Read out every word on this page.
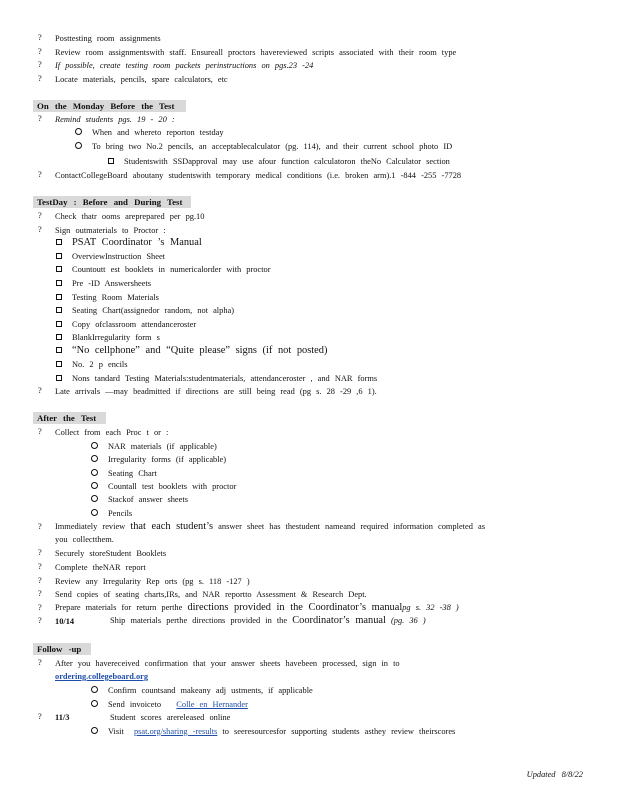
?	Posttesting room assignments
?	Review room assignmentswith staff. Ensureall proctors havereviewed scripts associated with their room type
?	If possible, create testing room packets perinstructions on pgs.23 -24
?	Locate materials, pencils, spare calculators, etc
On the Monday Before the Test
?	Remind students pgs. 19 - 20 :
When and whereto reporton testday
To bring two No.2 pencils, an acceptablecalculator (pg. 114), and their current school photo ID
Studentswith SSDapproval may use afour function calculatoron theNo Calculator section
?	ContactCollegeBoard aboutany studentswith temporary medical conditions (i.e. broken arm).1 -844 -255 -7728
TestDay : Before and During Test
?	Check thatr ooms areprepared per pg.10
?	Sign outmaterials to Proctor :
PSAT Coordinator ’s Manual
OverviewInstruction Sheet
Countoutt est booklets in numericalorder with proctor
Pre -ID Answersheets
Testing Room Materials
Seating Chart(assignedor random, not alpha)
Copy ofclassroom attendanceroster
BlankIrregularity form s
“No cellphone” and “Quite please” signs (if not posted)
No. 2 p encils
Nons tandard Testing Materials:studentmaterials, attendanceroster , and NAR forms
?	Late arrivals —may beadmitted if directions are still being read (pg s. 28 -29 ,6 1).
After the Test
?	Collect from each Proc t or :
NAR materials (if applicable)
Irregularity forms (if applicable)
Seating Chart
Countall test booklets with proctor
Stackof answer sheets
Pencils
?	Immediately review that each student’s answer sheet has thestudent nameand required information completed as
you collectthem.
?	Securely storeStudent Booklets
?	Complete theNAR report
?	Review any Irregularity Rep orts (pg s. 118 -127 )
?	Send copies of seating charts,IRs, and NAR reportto Assessment & Research Dept.
?	Prepare materials for return perthe directions provided in the Coordinator’s manualpg s. 32 -38 )
?	10/14	Ship materials perthe directions provided in the Coordinator’s manual (pg. 36 )
Follow -up
?	After you havereceived confirmation that your answer sheets havebeen processed, sign in to
ordering.collegeboard.org
Confirm countsand makeany adj ustments, if applicable
Send invoiceto Colle en Hernander
?	11/3	Student scores arereleased online
Visit psat.org/sharing -results to seeresourcesfor supporting students asthey review theirscores
Updated 8/8/22
